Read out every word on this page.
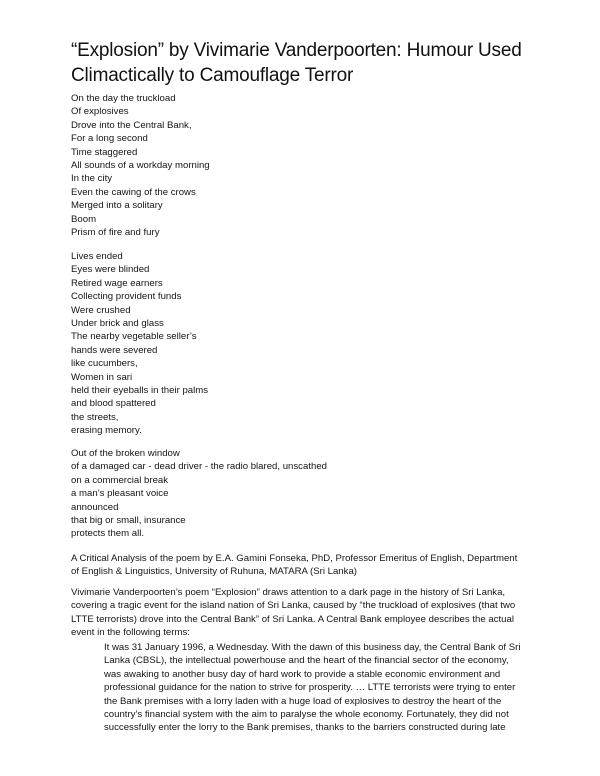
“Explosion” by Vivimarie Vanderpoorten: Humour Used
Climactically to Camouflage Terror
On the day the truckload
Of explosives
Drove into the Central Bank,
For a long second
Time staggered
All sounds of a workday morning
In the city
Even the cawing of the crows
Merged into a solitary
Boom
Prism of fire and fury
Lives ended
Eyes were blinded
Retired wage earners
Collecting provident funds
Were crushed
Under brick and glass
The nearby vegetable seller’s
hands were severed
like cucumbers,
Women in sari
held their eyeballs in their palms
and blood spattered
the streets,
erasing memory.
Out of the broken window
of a damaged car - dead driver - the radio blared, unscathed
on a commercial break
a man’s pleasant voice
announced
that big or small, insurance
protects them all.
A Critical Analysis of the poem by E.A. Gamini Fonseka, PhD, Professor Emeritus of English, Department
of English & Linguistics, University of Ruhuna, MATARA (Sri Lanka)
Vivimarie Vanderpoorten’s poem “Explosion” draws attention to a dark page in the history of Sri Lanka,
covering a tragic event for the island nation of Sri Lanka, caused by “the truckload of explosives (that two
LTTE terrorists) drove into the Central Bank” of Sri Lanka. A Central Bank employee describes the actual
event in the following terms:
It was 31 January 1996, a Wednesday. With the dawn of this business day, the Central Bank of Sri
Lanka (CBSL), the intellectual powerhouse and the heart of the financial sector of the economy,
was awaking to another busy day of hard work to provide a stable economic environment and
professional guidance for the nation to strive for prosperity. … LTTE terrorists were trying to enter
the Bank premises with a lorry laden with a huge load of explosives to destroy the heart of the
country’s financial system with the aim to paralyse the whole economy. Fortunately, they did not
successfully enter the lorry to the Bank premises, thanks to the barriers constructed during late
